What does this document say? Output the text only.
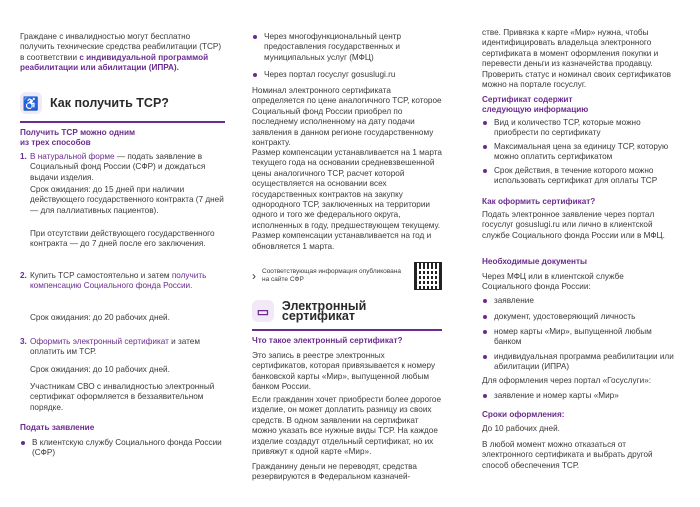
Граждане с инвалидностью могут бесплатно получить технические средства реабилитации (ТСР) в соответствии с индивидуальной программой реабилитации или абилитации (ИПРА).

♿ Как получить ТСР?
Получить ТСР можно одним
из трех способов
1. В натуральной форме — подать заявление в Социальный фонд России (СФР) и дождаться выдачи изделия.

Срок ожидания: до 15 дней при наличии действующего государственного контракта (7 дней — для паллиативных пациентов).

При отсутствии действующего государственного контракта — до 7 дней после его заключения.

2. Купить ТСР самостоятельно и затем получить компенсацию Социального фонда России.

Срок ожидания: до 20 рабочих дней.

3. Оформить электронный сертификат и затем оплатить им ТСР.

Срок ожидания: до 10 рабочих дней.

Участникам СВО с инвалидностью электронный сертификат оформляется в беззаявительном порядке.

Подать заявление
В клиентскую службу Социального фонда России (СФР)
Через многофункциональный центр предоставления государственных и муниципальных услуг (МФЦ)
Через портал госуслуг gosuslugi.ru

Номинал электронного сертификата определяется по цене аналогичного ТСР, которое Социальный фонд России приобрел по последнему исполненному на дату подачи заявления в данном регионе государственному контракту.

Размер компенсации устанавливается на 1 марта текущего года на основании средневзвешенной цены аналогичного ТСР, расчет которой осуществляется на основании всех государственных контрактов на закупку однородного ТСР, заключенных на территории одного и того же федерального округа, исполненных в году, предшествующем текущему. Размер компенсации устанавливается на год и обновляется 1 марта.

› Соответствующая информация опубликована на сайте СФР
▭	Электронный сертификат
Что такое электронный сертификат?

Это запись в реестре электронных сертификатов, которая привязывается к номеру банковской карты «Мир», выпущенной любым банком России.

Если гражданин хочет приобрести более дорогое изделие, он может доплатить разницу из своих средств. В одном заявлении на сертификат можно указать все нужные виды ТСР. На каждое изделие создадут отдельный сертификат, но их привяжут к одной карте «Мир».

Гражданину деньги не переводят, средства резервируются в Федеральном казначей-

стве. Привязка к карте «Мир» нужна, чтобы идентифицировать владельца электронного сертификата в момент оформления покупки и перевести деньги из казначейства продавцу. Проверить статус и номинал своих сертификатов можно на портале госуслуг.

Сертификат содержит
следующую информацию
Вид и количество ТСР, которые можно приобрести по сертификату
Максимальная цена за единицу ТСР, которую можно оплатить сертификатом
Срок действия, в течение которого можно использовать сертификат для оплаты ТСР
Как оформить сертификат?

Подать электронное заявление через портал госуслуг gosuslugi.ru или лично в клиентской службе Социального фонда России или в МФЦ.

Необходимые документы

Через МФЦ или в клиентской службе Социального фонда России:

заявление
документ, удостоверяющий личность
номер карты «Мир», выпущенной любым банком
индивидуальная программа реабилитации или абилитации (ИПРА)

Для оформления через портал «Госуслуги»:

заявление и номер карты «Мир»
Сроки оформления:

До 10 рабочих дней.

В любой момент можно отказаться от электронного сертификата и выбрать другой способ обеспечения ТСР.
